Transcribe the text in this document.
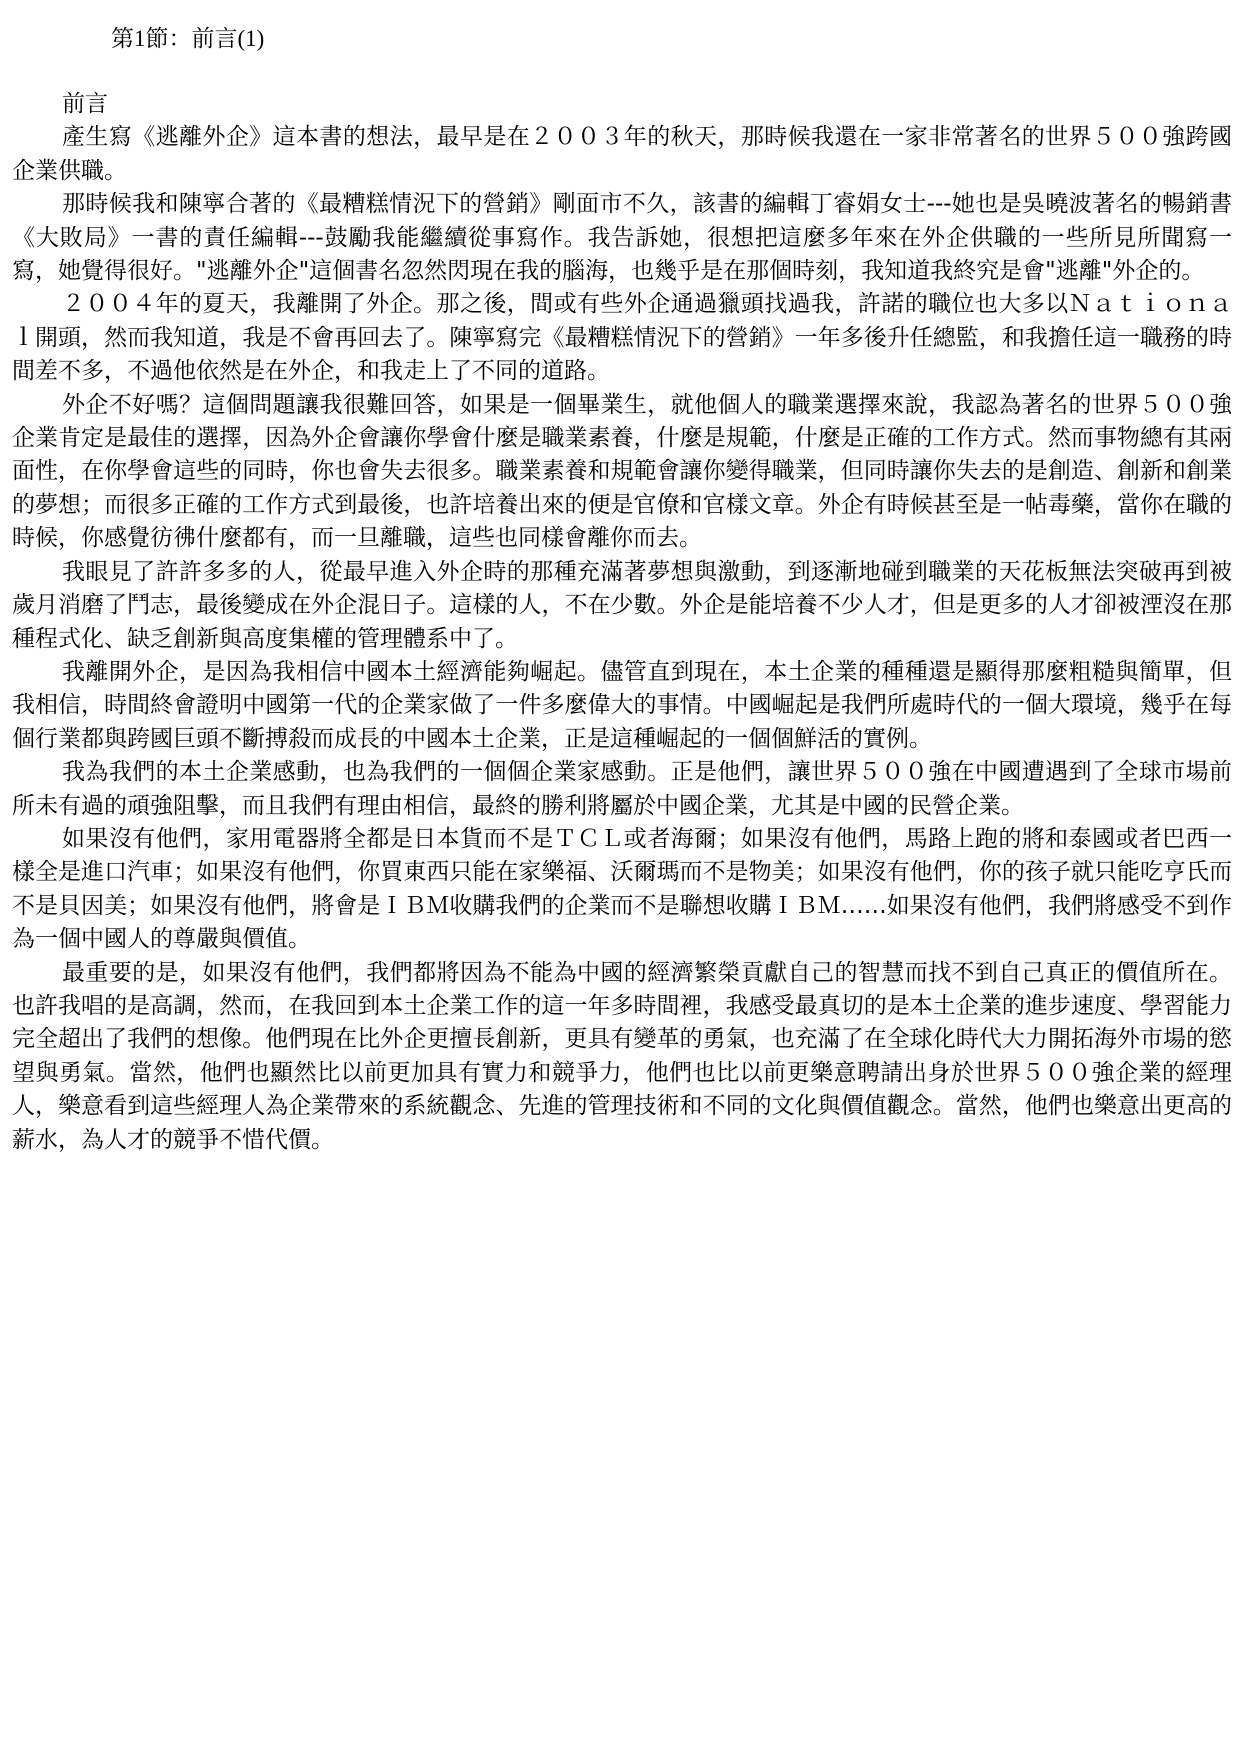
第1節：前言(1)

前言

產生寫《逃離外企》這本書的想法，最早是在２００３年的秋天，那時候我還在一家非常著名的世界５００強跨國企業供職。

那時候我和陳寧合著的《最糟糕情況下的營銷》剛面市不久，該書的編輯丁睿娟女士---她也是吳曉波著名的暢銷書《大敗局》一書的責任編輯---鼓勵我能繼續從事寫作。我告訴她，很想把這麼多年來在外企供職的一些所見所聞寫一寫，她覺得很好。"逃離外企"這個書名忽然閃現在我的腦海，也幾乎是在那個時刻，我知道我終究是會"逃離"外企的。

２００４年的夏天，我離開了外企。那之後，間或有些外企通過獵頭找過我，許諾的職位也大多以Ｎａｔｉｏｎａｌ開頭，然而我知道，我是不會再回去了。陳寧寫完《最糟糕情況下的營銷》一年多後升任總監，和我擔任這一職務的時間差不多，不過他依然是在外企，和我走上了不同的道路。

外企不好嗎？這個問題讓我很難回答，如果是一個畢業生，就他個人的職業選擇來說，我認為著名的世界５００強企業肯定是最佳的選擇，因為外企會讓你學會什麼是職業素養，什麼是規範，什麼是正確的工作方式。然而事物總有其兩面性，在你學會這些的同時，你也會失去很多。職業素養和規範會讓你變得職業，但同時讓你失去的是創造、創新和創業的夢想；而很多正確的工作方式到最後，也許培養出來的便是官僚和官樣文章。外企有時候甚至是一帖毒藥，當你在職的時候，你感覺彷彿什麼都有，而一旦離職，這些也同樣會離你而去。

我眼見了許許多多的人，從最早進入外企時的那種充滿著夢想與激動，到逐漸地碰到職業的天花板無法突破再到被歲月消磨了鬥志，最後變成在外企混日子。這樣的人，不在少數。外企是能培養不少人才，但是更多的人才卻被湮沒在那種程式化、缺乏創新與高度集權的管理體系中了。

我離開外企，是因為我相信中國本土經濟能夠崛起。儘管直到現在，本土企業的種種還是顯得那麼粗糙與簡單，但我相信，時間終會證明中國第一代的企業家做了一件多麼偉大的事情。中國崛起是我們所處時代的一個大環境，幾乎在每個行業都與跨國巨頭不斷搏殺而成長的中國本土企業，正是這種崛起的一個個鮮活的實例。

我為我們的本土企業感動，也為我們的一個個企業家感動。正是他們，讓世界５００強在中國遭遇到了全球市場前所未有過的頑強阻擊，而且我們有理由相信，最終的勝利將屬於中國企業，尤其是中國的民營企業。

如果沒有他們，家用電器將全都是日本貨而不是ＴＣＬ或者海爾；如果沒有他們，馬路上跑的將和泰國或者巴西一樣全是進口汽車；如果沒有他們，你買東西只能在家樂福、沃爾瑪而不是物美；如果沒有他們，你的孩子就只能吃亨氏而不是貝因美；如果沒有他們，將會是ＩＢＭ收購我們的企業而不是聯想收購ＩＢＭ……如果沒有他們，我們將感受不到作為一個中國人的尊嚴與價值。

最重要的是，如果沒有他們，我們都將因為不能為中國的經濟繁榮貢獻自己的智慧而找不到自己真正的價值所在。也許我唱的是高調，然而，在我回到本土企業工作的這一年多時間裡，我感受最真切的是本土企業的進步速度、學習能力完全超出了我們的想像。他們現在比外企更擅長創新，更具有變革的勇氣，也充滿了在全球化時代大力開拓海外市場的慾望與勇氣。當然，他們也顯然比以前更加具有實力和競爭力，他們也比以前更樂意聘請出身於世界５００強企業的經理人，樂意看到這些經理人為企業帶來的系統觀念、先進的管理技術和不同的文化與價值觀念。當然，他們也樂意出更高的薪水，為人才的競爭不惜代價。
